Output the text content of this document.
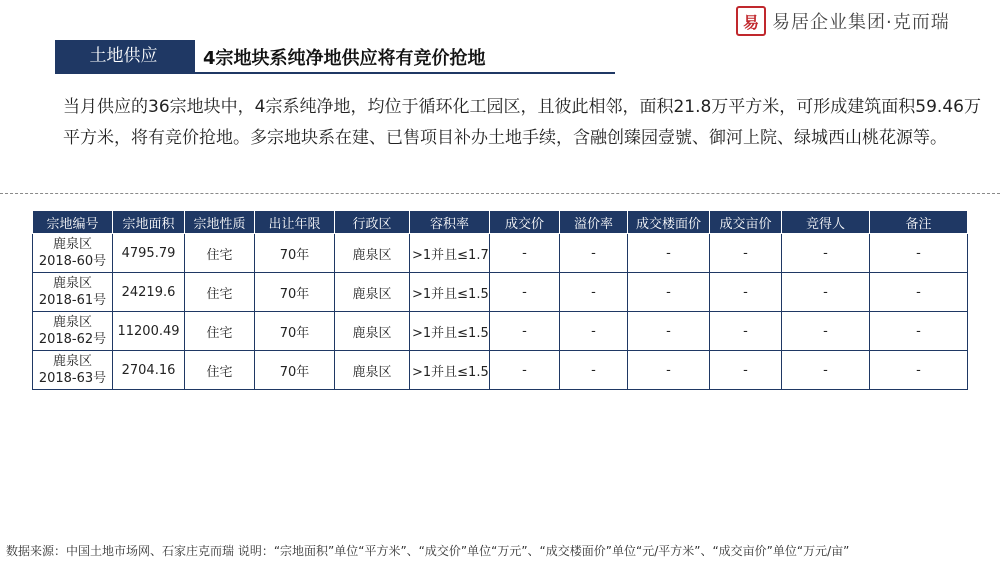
易 易居企业集团·克而瑞
土地供应	4宗地块系纯净地供应将有竞价抢地

当月供应的36宗地块中，4宗系纯净地，均位于循环化工园区，且彼此相邻，面积21.8万平方米，可形成建筑面积59.46万平方米，将有竞价抢地。多宗地块系在建、已售项目补办土地手续，含融创臻园壹號、御河上院、绿城西山桃花源等。

宗地编号	宗地面积	宗地性质	出让年限	行政区	容积率	成交价	溢价率	成交楼面价	成交亩价	竞得人	备注
鹿泉区
2018-60号	4795.79	住宅	70年	鹿泉区	>1并且≤1.7	-	-	-	-	-	-
鹿泉区
2018-61号	24219.6	住宅	70年	鹿泉区	>1并且≤1.5	-	-	-	-	-	-
鹿泉区
2018-62号	11200.49	住宅	70年	鹿泉区	>1并且≤1.5	-	-	-	-	-	-
鹿泉区
2018-63号	2704.16	住宅	70年	鹿泉区	>1并且≤1.5	-	-	-	-	-	-
数据来源：中国土地市场网、石家庄克而瑞 说明：“宗地面积”单位“平方米”、“成交价”单位“万元”、“成交楼面价”单位“元/平方米”、“成交亩价”单位“万元/亩”
